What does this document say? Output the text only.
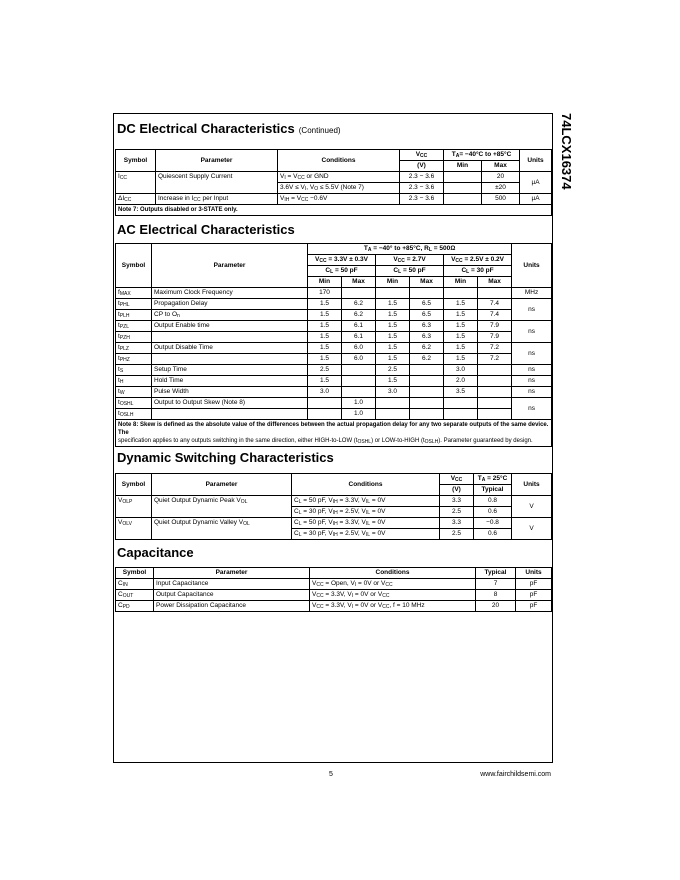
74LCX16374
DC Electrical Characteristics (Continued)
Symbol	Parameter	Conditions	$V_{CC}$	$T_A= -40^\circ C$ to +85°C		Units
			(V)	Min	Max	
$I_{CC}$	Quiescent Supply Current	$V_I = V_{CC}$ or GND	2.3 − 3.6		20	µA
		$3.6V \le V_I$, $V_O \le 5.5V$ (Note 7)	2.3 − 3.6		±20	
$\Delta I_{CC}$	Increase in $I_{CC}$ per Input	$V_{IH} = V_{CC} -0.6V$	2.3 − 3.6		500	µA
Note 7: Outputs disabled or 3-STATE only.						
AC Electrical Characteristics
Symbol	Parameter	$T_A = -40^\circ$ to +85°C, $R_L$ = 500Ω						Units
		$V_{CC} = 3.3V \pm 0.3V$		$V_{CC} = 2.7V$		$V_{CC} = 2.5V \pm 0.2V$		
		$C_L = 50$ pF		$C_L = 50$ pF		$C_L = 30$ pF		
		Min	Max	Min	Max	Min	Max	
$f_{MAX}$	Maximum Clock Frequency	170						MHz
$t_{PHL}$	Propagation Delay	1.5	6.2	1.5	6.5	1.5	7.4	ns
$t_{PLH}$	CP to $O_n$	1.5	6.2	1.5	6.5	1.5	7.4	
$t_{PZL}$	Output Enable time	1.5	6.1	1.5	6.3	1.5	7.9	ns
$t_{PZH}$		1.5	6.1	1.5	6.3	1.5	7.9	
$t_{PLZ}$	Output Disable Time	1.5	6.0	1.5	6.2	1.5	7.2	ns
$t_{PHZ}$		1.5	6.0	1.5	6.2	1.5	7.2	
$t_S$	Setup Time	2.5		2.5		3.0		ns
$t_H$	Hold Time	1.5		1.5		2.0		ns
$t_W$	Pulse Width	3.0		3.0		3.5		ns
$t_{OSHL}$	Output to Output Skew (Note 8)		1.0					ns
$t_{OSLH}$			1.0					
Note 8: Skew is defined as the absolute value of the differences between the actual propagation delay for any two separate outputs of the same device. The
specification applies to any outputs switching in the same direction, either HIGH-to-LOW $(t_{OSHL})$ or LOW-to-HIGH $(t_{OSLH})$. Parameter guaranteed by design.								
Dynamic Switching Characteristics
Symbol	Parameter	Conditions	$V_{CC}$	$T_A = 25^\circ C$	Units
			(V)	Typical	
$V_{OLP}$	Quiet Output Dynamic Peak $V_{OL}$	$C_L = 50$ pF, $V_{IH} = 3.3V$, $V_{IL} = 0V$	3.3	0.8	V
		$C_L = 30$ pF, $V_{IH} = 2.5V$, $V_{IL} = 0V$	2.5	0.6	
$V_{OLV}$	Quiet Output Dynamic Valley $V_{OL}$	$C_L = 50$ pF, $V_{IH} = 3.3V$, $V_{IL} = 0V$	3.3	−0.8	V
		$C_L = 30$ pF, $V_{IH} = 2.5V$, $V_{IL} = 0V$	2.5	0.6	
Capacitance
Symbol	Parameter	Conditions	Typical	Units
$C_{IN}$	Input Capacitance	$V_{CC}$ = Open, $V_I = 0V$ or $V_{CC}$	7	pF
$C_{OUT}$	Output Capacitance	$V_{CC} = 3.3V$, $V_I = 0V$ or $V_{CC}$	8	pF
$C_{PD}$	Power Dissipation Capacitance	$V_{CC} = 3.3V$, $V_I = 0V$ or $V_{CC}$, f = 10 MHz	20	pF
5	www.fairchildsemi.com
